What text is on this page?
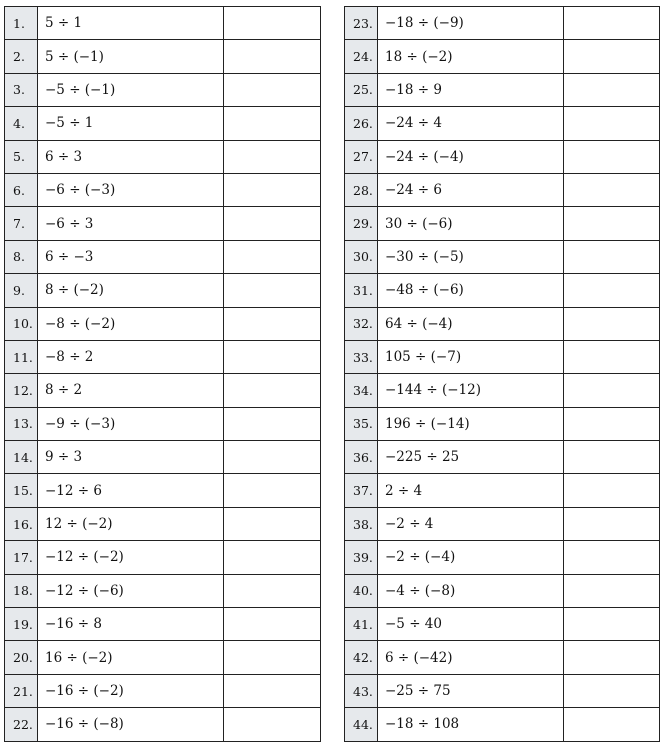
1.	5 ÷ 1	
2.	5 ÷ (−1)	
3.	−5 ÷ (−1)	
4.	−5 ÷ 1	
5.	6 ÷ 3	
6.	−6 ÷ (−3)	
7.	−6 ÷ 3	
8.	6 ÷ −3	
9.	8 ÷ (−2)	
10.	−8 ÷ (−2)	
11.	−8 ÷ 2	
12.	8 ÷ 2	
13.	−9 ÷ (−3)	
14.	9 ÷ 3	
15.	−12 ÷ 6	
16.	12 ÷ (−2)	
17.	−12 ÷ (−2)	
18.	−12 ÷ (−6)	
19.	−16 ÷ 8	
20.	16 ÷ (−2)	
21.	−16 ÷ (−2)	
22.	−16 ÷ (−8)	
23.	−18 ÷ (−9)	
24.	18 ÷ (−2)	
25.	−18 ÷ 9	
26.	−24 ÷ 4	
27.	−24 ÷ (−4)	
28.	−24 ÷ 6	
29.	30 ÷ (−6)	
30.	−30 ÷ (−5)	
31.	−48 ÷ (−6)	
32.	64 ÷ (−4)	
33.	105 ÷ (−7)	
34.	−144 ÷ (−12)	
35.	196 ÷ (−14)	
36.	−225 ÷ 25	
37.	2 ÷ 4	
38.	−2 ÷ 4	
39.	−2 ÷ (−4)	
40.	−4 ÷ (−8)	
41.	−5 ÷ 40	
42.	6 ÷ (−42)	
43.	−25 ÷ 75	
44.	−18 ÷ 108	
